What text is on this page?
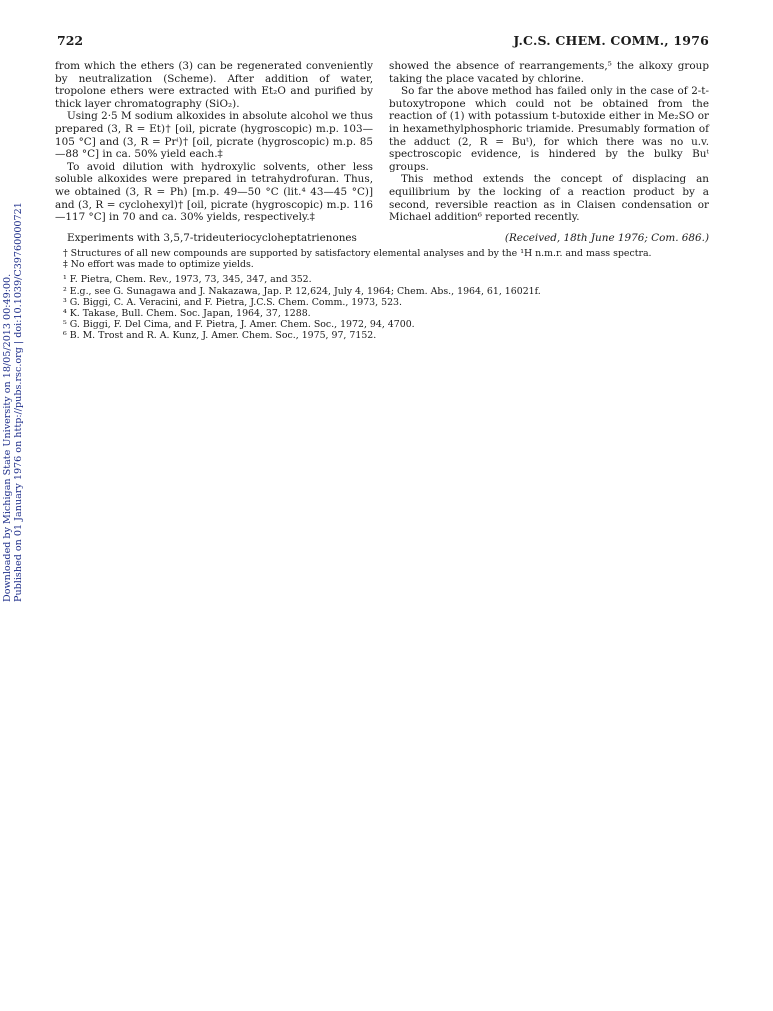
722	J.C.S. CHEM. COMM., 1976

from which the ethers (3) can be regenerated conveniently by neutralization (Scheme). After addition of water, tropolone ethers were extracted with Et₂O and purified by thick layer chromatography (SiO₂).

Using 2·5 M sodium alkoxides in absolute alcohol we thus prepared (3, R = Et)† [oil, picrate (hygroscopic) m.p. 103—105 °C] and (3, R = Prⁱ)† [oil, picrate (hygroscopic) m.p. 85—88 °C] in ca. 50% yield each.‡

To avoid dilution with hydroxylic solvents, other less soluble alkoxides were prepared in tetrahydrofuran. Thus, we obtained (3, R = Ph) [m.p. 49—50 °C (lit.⁴ 43—45 °C)] and (3, R = cyclohexyl)† [oil, picrate (hygroscopic) m.p. 116—117 °C] in 70 and ca. 30% yields, respectively.‡

showed the absence of rearrangements,⁵ the alkoxy group taking the place vacated by chlorine.

So far the above method has failed only in the case of 2-t-butoxytropone which could not be obtained from the reaction of (1) with potassium t-butoxide either in Me₂SO or in hexamethylphosphoric triamide. Presumably formation of the adduct (2, R = Buᵗ), for which there was no u.v. spectroscopic evidence, is hindered by the bulky Buᵗ groups.

This method extends the concept of displacing an equilibrium by the locking of a reaction product by a second, reversible reaction as in Claisen condensation or Michael addition⁶ reported recently.

Experiments with 3,5,7-trideuteriocycloheptatrienones	(Received, 18th June 1976; Com. 686.)
† Structures of all new compounds are supported by satisfactory elemental analyses and by the ¹H n.m.r. and mass spectra.
‡ No effort was made to optimize yields.
¹ F. Pietra, Chem. Rev., 1973, 73, 345, 347, and 352.
² E.g., see G. Sunagawa and J. Nakazawa, Jap. P. 12,624, July 4, 1964; Chem. Abs., 1964, 61, 16021f.
³ G. Biggi, C. A. Veracini, and F. Pietra, J.C.S. Chem. Comm., 1973, 523.
⁴ K. Takase, Bull. Chem. Soc. Japan, 1964, 37, 1288.
⁵ G. Biggi, F. Del Cima, and F. Pietra, J. Amer. Chem. Soc., 1972, 94, 4700.
⁶ B. M. Trost and R. A. Kunz, J. Amer. Chem. Soc., 1975, 97, 7152.
Downloaded by Michigan State University on 18/05/2013 00:49:00. Published on 01 January 1976 on http://pubs.rsc.org | doi:10.1039/C39760000721
